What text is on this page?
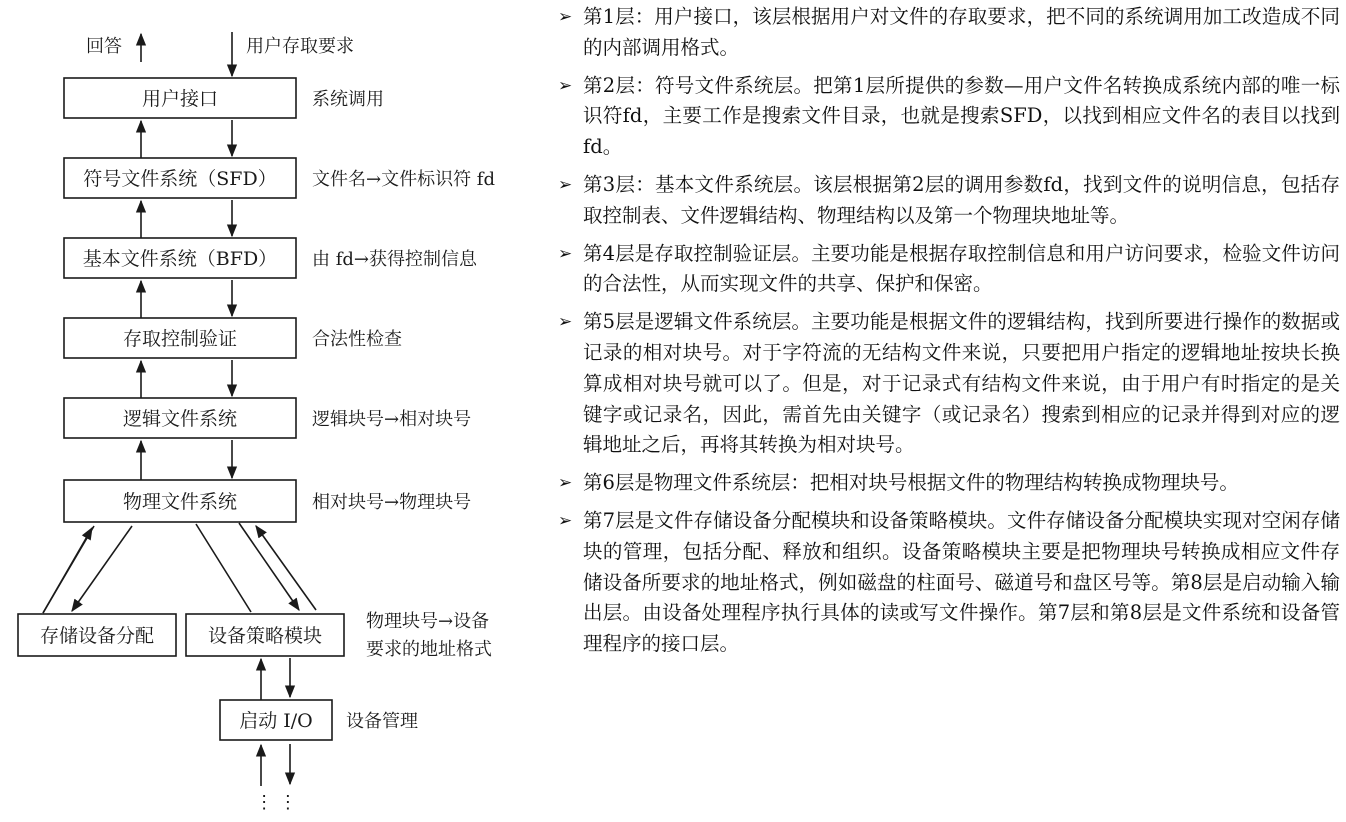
回答	用户存取要求
用户接口	系统调用
符号文件系统（SFD） 文件名→文件标识符 fd
基本文件系统（BFD） 由 fd→获得控制信息
存取控制验证	合法性检查
逻辑文件系统	逻辑块号→相对块号
物理文件系统	相对块号→物理块号
存储设备分配	设备策略模块
物理块号→设备
要求的地址格式
启动 I/O 设备管理
⋮ ⋮
➢ 第1层：用户接口，该层根据用户对文件的存取要求，把不同的系统调用加工改造成不同的内部调用格式。
➢ 第2层：符号文件系统层。把第1层所提供的参数—用户文件名转换成系统内部的唯一标识符fd，主要工作是搜索文件目录，也就是搜索SFD，以找到相应文件名的表目以找到fd。
➢ 第3层：基本文件系统层。该层根据第2层的调用参数fd，找到文件的说明信息，包括存取控制表、文件逻辑结构、物理结构以及第一个物理块地址等。
➢ 第4层是存取控制验证层。主要功能是根据存取控制信息和用户访问要求，检验文件访问的合法性，从而实现文件的共享、保护和保密。
➢ 第5层是逻辑文件系统层。主要功能是根据文件的逻辑结构，找到所要进行操作的数据或记录的相对块号。对于字符流的无结构文件来说，只要把用户指定的逻辑地址按块长换算成相对块号就可以了。但是，对于记录式有结构文件来说，由于用户有时指定的是关键字或记录名，因此，需首先由关键字（或记录名）搜索到相应的记录并得到对应的逻辑地址之后，再将其转换为相对块号。
➢ 第6层是物理文件系统层：把相对块号根据文件的物理结构转换成物理块号。
➢ 第7层是文件存储设备分配模块和设备策略模块。文件存储设备分配模块实现对空闲存储块的管理，包括分配、释放和组织。设备策略模块主要是把物理块号转换成相应文件存储设备所要求的地址格式，例如磁盘的柱面号、磁道号和盘区号等。第8层是启动输入输出层。由设备处理程序执行具体的读或写文件操作。第7层和第8层是文件系统和设备管理程序的接口层。
